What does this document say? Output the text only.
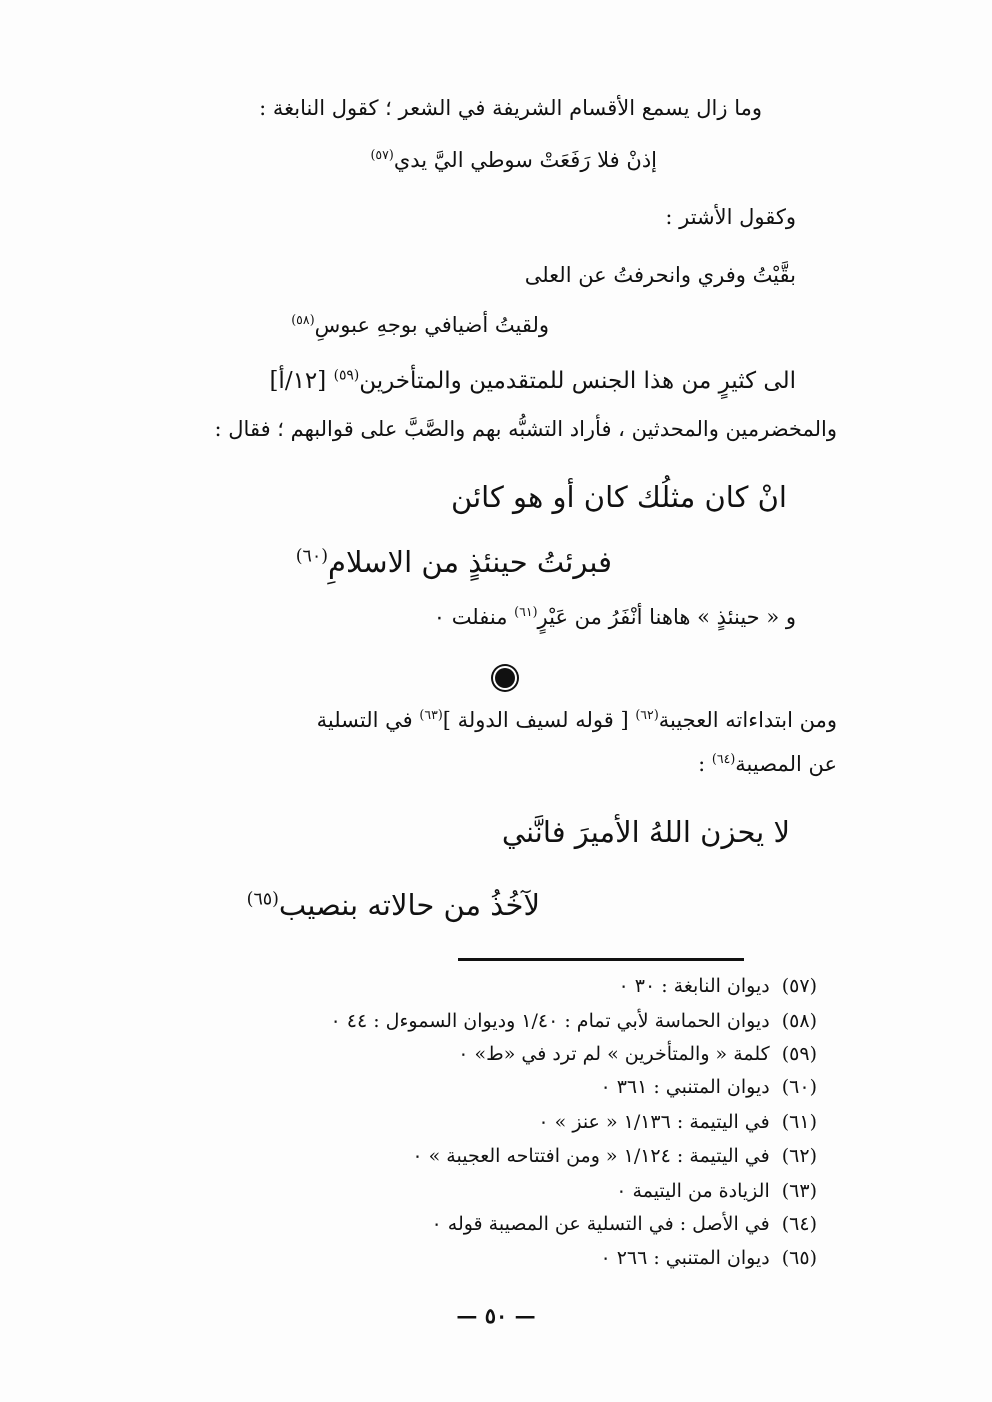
وما زال يسمع الأقسام الشريفة في الشعر ؛ كقول النابغة :
إذنْ فلا رَفَعَتْ سوطي اليَّ يدي$^{(٥٧)}$
وكقول الأشتر :
بقَّيْتُ وفري وانحرفتُ عن العلى
ولقيتُ أضيافي بوجهِ عبوسِ$^{(٥٨)}$
الى كثيرٍ من هذا الجنس للمتقدمين والمتأخرين$^{(٥٩)}$ [١٢/أ]
والمخضرمين والمحدثين ، فأراد التشبُّه بهم والصَّبَّ على قوالبهم ؛ فقال :
انْ كان مثلُك كان أو هو كائن
فبرئتُ حينئذٍ من الاسلامِ$^{(٦٠)}$
و « حينئذٍ » هاهنا أنْفَرُ من عَيْرٍ$^{(٦١)}$ منفلت ٠
ومن ابتداءاته العجيبة$^{(٦٢)}$ [ قوله لسيف الدولة ]$^{(٦٣)}$ في التسلية
عن المصيبة$^{(٦٤)}$ :
لا يحزن اللهُ الأميرَ فانَّني
لآخُذُ من حالاته بنصيب$^{(٦٥)}$
(٥٧)ديوان النابغة : ٣٠ ٠
(٥٨)ديوان الحماسة لأبي تمام : ١/٤٠ وديوان السموءل : ٤٤ ٠
(٥٩)كلمة « والمتأخرين » لم ترد في «ط» ٠
(٦٠)ديوان المتنبي : ٣٦١ ٠
(٦١)في اليتيمة : ١/١٣٦ « عنز » ٠
(٦٢)في اليتيمة : ١/١٢٤ « ومن افتتاحه العجيبة » ٠
(٦٣)الزيادة من اليتيمة ٠
(٦٤)في الأصل : في التسلية عن المصيبة قوله ٠
(٦٥)ديوان المتنبي : ٢٦٦ ٠
— ٥٠ —
